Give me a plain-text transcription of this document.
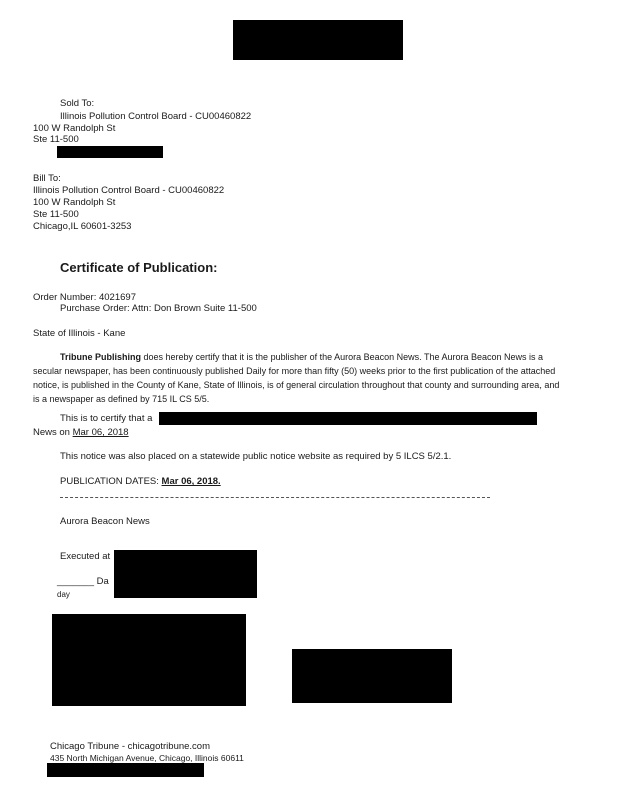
Sold To:
Illinois Pollution Control Board - CU00460822
100 W Randolph St
Ste 11-500
Bill To:
Illinois Pollution Control Board - CU00460822
100 W Randolph St
Ste 11-500
Chicago,IL 60601-3253
Certificate of Publication:
Order Number: 4021697
Purchase Order: Attn: Don Brown Suite 11-500
State of Illinois - Kane
Tribune Publishing does hereby certify that it is the publisher of the Aurora Beacon News. The Aurora Beacon News is a secular newspaper, has been continuously published Daily for more than fifty (50) weeks prior to the first publication of the attached notice, is published in the County of Kane, State of Illinois, is of general circulation throughout that county and surrounding area, and is a newspaper as defined by 715 IL CS 5/5.
This is to certify that a
News on Mar 06, 2018
This notice was also placed on a statewide public notice website as required by 5 ILCS 5/2.1.
PUBLICATION DATES: Mar 06, 2018.
Aurora Beacon News
Executed at
_______ Da
day
Chicago Tribune - chicagotribune.com
435 North Michigan Avenue, Chicago, Illinois 60611
